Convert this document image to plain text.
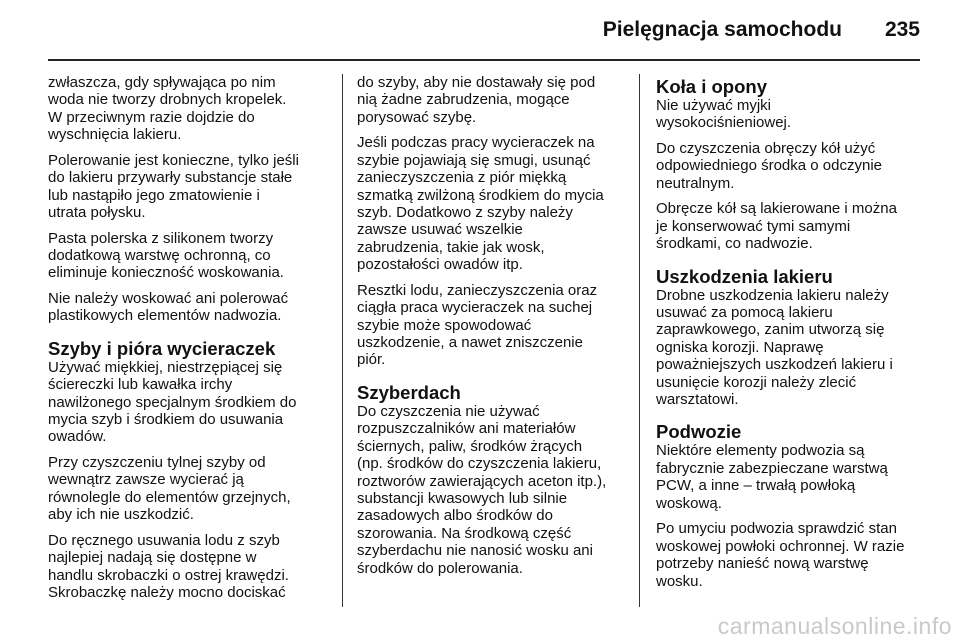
Pielęgnacja samochodu 235

zwłaszcza, gdy spływająca po nim
woda nie tworzy drobnych kropelek.
W przeciwnym razie dojdzie do
wyschnięcia lakieru.

Polerowanie jest konieczne, tylko jeśli
do lakieru przywarły substancje stałe
lub nastąpiło jego zmatowienie i
utrata połysku.

Pasta polerska z silikonem tworzy
dodatkową warstwę ochronną, co
eliminuje konieczność woskowania.

Nie należy woskować ani polerować
plastikowych elementów nadwozia.

Szyby i pióra wycieraczek

Używać miękkiej, niestrzępiącej się
ściereczki lub kawałka irchy
nawilżonego specjalnym środkiem do
mycia szyb i środkiem do usuwania
owadów.

Przy czyszczeniu tylnej szyby od
wewnątrz zawsze wycierać ją
równolegle do elementów grzejnych,
aby ich nie uszkodzić.

Do ręcznego usuwania lodu z szyb
najlepiej nadają się dostępne w
handlu skrobaczki o ostrej krawędzi.
Skrobaczkę należy mocno dociskać

do szyby, aby nie dostawały się pod
nią żadne zabrudzenia, mogące
porysować szybę.

Jeśli podczas pracy wycieraczek na
szybie pojawiają się smugi, usunąć
zanieczyszczenia z piór miękką
szmatką zwilżoną środkiem do mycia
szyb. Dodatkowo z szyby należy
zawsze usuwać wszelkie
zabrudzenia, takie jak wosk,
pozostałości owadów itp.

Resztki lodu, zanieczyszczenia oraz
ciągła praca wycieraczek na suchej
szybie może spowodować
uszkodzenie, a nawet zniszczenie
piór.

Szyberdach

Do czyszczenia nie używać
rozpuszczalników ani materiałów
ściernych, paliw, środków żrących
(np. środków do czyszczenia lakieru,
roztworów zawierających aceton itp.),
substancji kwasowych lub silnie
zasadowych albo środków do
szorowania. Na środkową część
szyberdachu nie nanosić wosku ani
środków do polerowania.

Koła i opony

Nie używać myjki
wysokociśnieniowej.

Do czyszczenia obręczy kół użyć
odpowiedniego środka o odczynie
neutralnym.

Obręcze kół są lakierowane i można
je konserwować tymi samymi
środkami, co nadwozie.

Uszkodzenia lakieru

Drobne uszkodzenia lakieru należy
usuwać za pomocą lakieru
zaprawkowego, zanim utworzą się
ogniska korozji. Naprawę
poważniejszych uszkodzeń lakieru i
usunięcie korozji należy zlecić
warsztatowi.

Podwozie

Niektóre elementy podwozia są
fabrycznie zabezpieczane warstwą
PCW, a inne – trwałą powłoką
woskową.

Po umyciu podwozia sprawdzić stan
woskowej powłoki ochronnej. W razie
potrzeby nanieść nową warstwę
wosku.

carmanualsonline.info
